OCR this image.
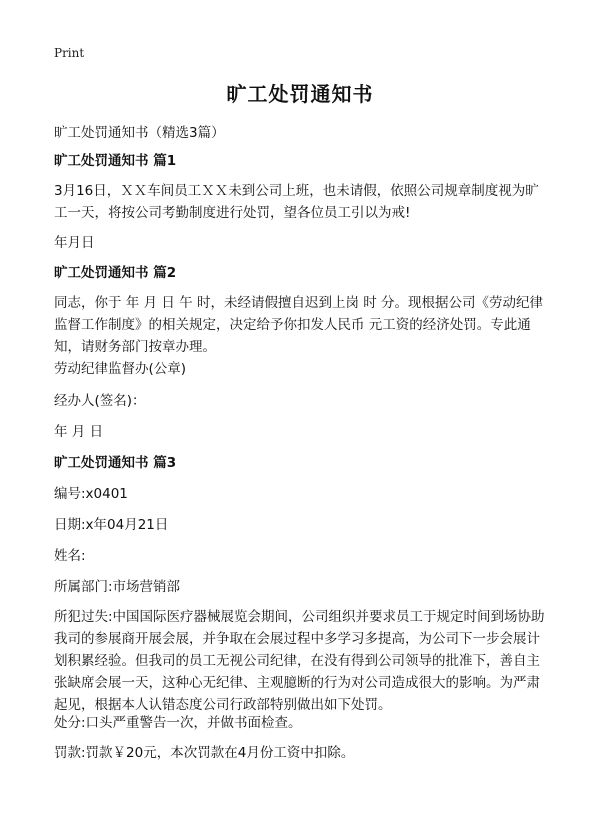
Print
旷工处罚通知书

旷工处罚通知书（精选3篇）

旷工处罚通知书 篇1

3月16日，ＸＸ车间员工ＸＸ未到公司上班，也未请假，依照公司规章制度视为旷工一天，将按公司考勤制度进行处罚，望各位员工引以为戒!

年月日

旷工处罚通知书 篇2

同志，你于 年 月 日 午 时，未经请假擅自迟到上岗 时 分。现根据公司《劳动纪律监督工作制度》的相关规定，决定给予你扣发人民币 元工资的经济处罚。专此通知，请财务部门按章办理。

劳动纪律监督办(公章)

经办人(签名)：

年 月 日

旷工处罚通知书 篇3

编号:x0401

日期:x年04月21日

姓名:

所属部门:市场营销部

所犯过失:中国国际医疗器械展览会期间，公司组织并要求员工于规定时间到场协助我司的参展商开展会展，并争取在会展过程中多学习多提高，为公司下一步会展计划积累经验。但我司的员工无视公司纪律，在没有得到公司领导的批准下，善自主张缺席会展一天，这种心无纪律、主观臆断的行为对公司造成很大的影响。为严肃起见，根据本人认错态度公司行政部特别做出如下处罚。

处分:口头严重警告一次，并做书面检查。

罚款:罚款￥20元，本次罚款在4月份工资中扣除。
